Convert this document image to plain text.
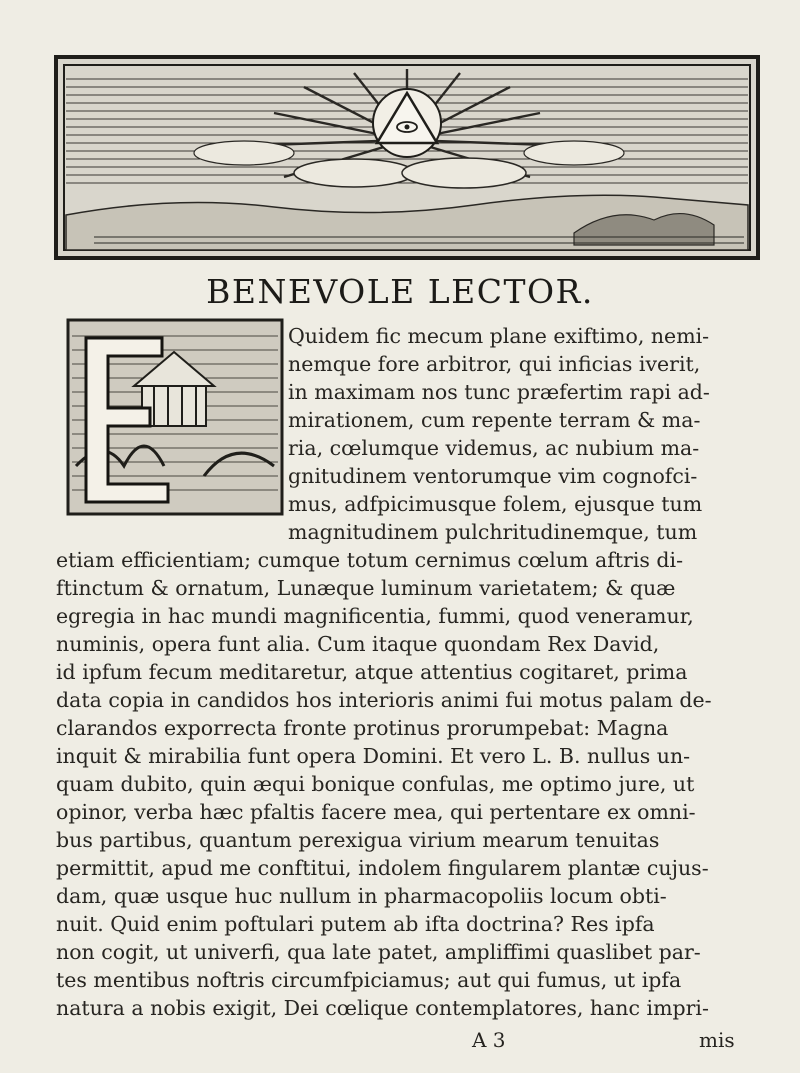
BENEVOLE LECTOR.

Quidem fic mecum plane exiftimo, nemi-

nemque fore arbitror, qui inficias iverit,

in maximam nos tunc præfertim rapi ad-

mirationem, cum repente terram & ma-

ria, cœlumque videmus, ac nubium ma-

gnitudinem ventorumque vim cognofci-

mus, adfpicimusque folem, ejusque tum

magnitudinem pulchritudinemque, tum

etiam efficientiam; cumque totum cernimus cœlum aftris di-

ftinctum & ornatum, Lunæque luminum varietatem; & quæ

egregia in hac mundi magnificentia, fummi, quod veneramur,

numinis, opera funt alia. Cum itaque quondam Rex David,

id ipfum fecum meditaretur, atque attentius cogitaret, prima

data copia in candidos hos interioris animi fui motus palam de-

clarandos exporrecta fronte protinus prorumpebat: Magna

inquit & mirabilia funt opera Domini. Et vero L. B. nullus un-

quam dubito, quin æqui bonique confulas, me optimo jure, ut

opinor, verba hæc pfaltis facere mea, qui pertentare ex omni-

bus partibus, quantum perexigua virium mearum tenuitas

permittit, apud me conftitui, indolem fingularem plantæ cujus-

dam, quæ usque huc nullum in pharmacopoliis locum obti-

nuit. Quid enim poftulari putem ab ifta doctrina? Res ipfa

non cogit, ut univerfi, qua late patet, ampliffimi quaslibet par-

tes mentibus noftris circumfpiciamus; aut qui fumus, ut ipfa

natura a nobis exigit, Dei cœlique contemplatores, hanc impri-

A 3	mis
